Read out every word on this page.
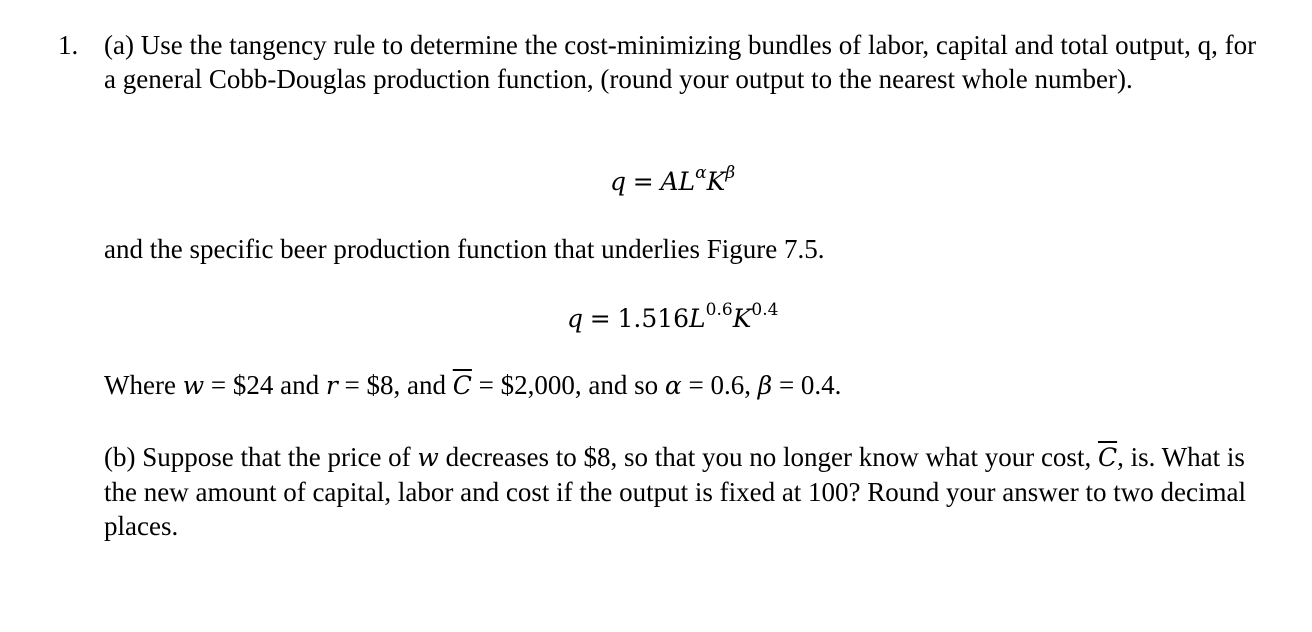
1. (a) Use the tangency rule to determine the cost-minimizing bundles of labor, capital and total output, q, for a general Cobb-Douglas production function, (round your output to the nearest whole number).
$q = AL^\alpha K^\beta$
and the specific beer production function that underlies Figure 7.5.
$q = 1.516L^{0.6}K^{0.4}$
Where w = $24 and r = $8, and $\overline{C}$ = $2,000, and so α = 0.6, β = 0.4.
(b) Suppose that the price of w decreases to $8, so that you no longer know what your cost, $\overline{C}$, is. What is the new amount of capital, labor and cost if the output is fixed at 100? Round your answer to two decimal places.
